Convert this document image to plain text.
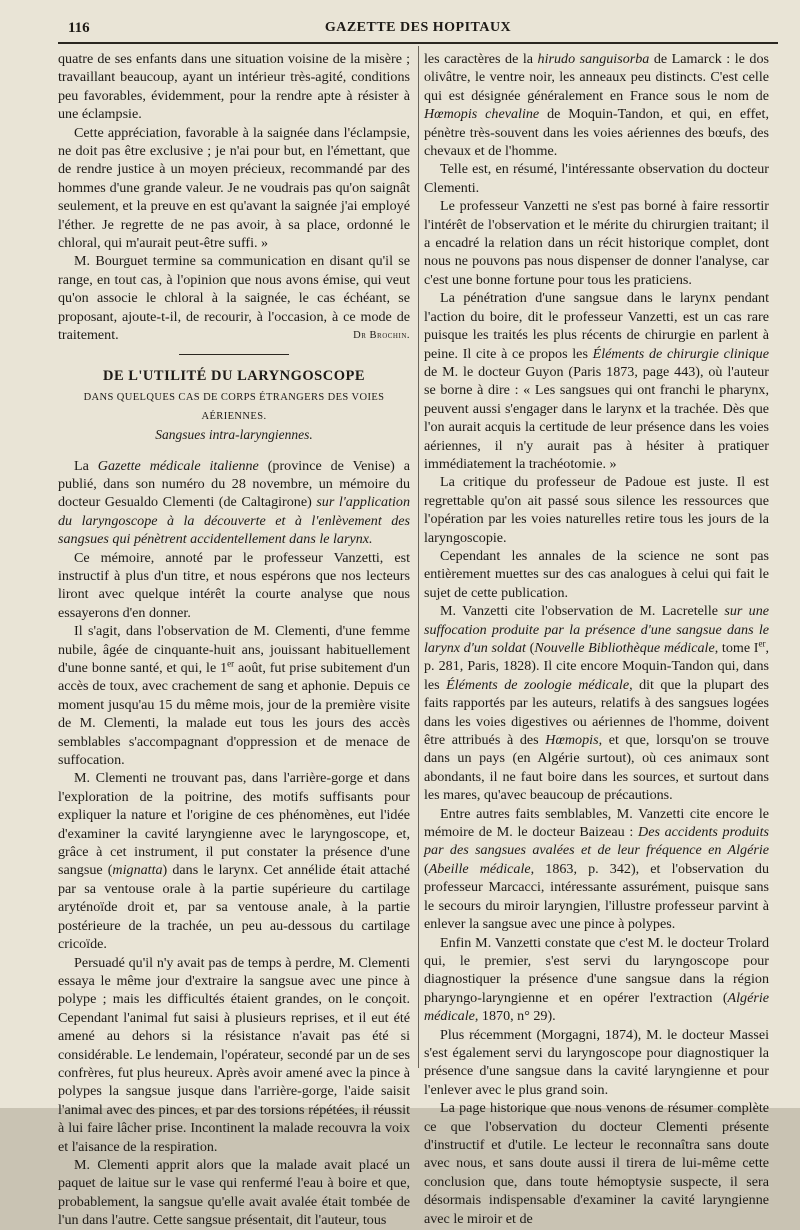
116	GAZETTE DES HOPITAUX

quatre de ses enfants dans une situation voisine de la misère ; travaillant beaucoup, ayant un intérieur très-agité, conditions peu favorables, évidemment, pour la rendre apte à résister à une éclampsie.

Cette appréciation, favorable à la saignée dans l'éclampsie, ne doit pas être exclusive ; je n'ai pour but, en l'émettant, que de rendre justice à un moyen précieux, recommandé par des hommes d'une grande valeur. Je ne voudrais pas qu'on saignât seulement, et la preuve en est qu'avant la saignée j'ai employé l'éther. Je regrette de ne pas avoir, à sa place, ordonné le chloral, qui m'aurait peut-être suffi. »

M. Bourguet termine sa communication en disant qu'il se range, en tout cas, à l'opinion que nous avons émise, qui veut qu'on associe le chloral à la saignée, le cas échéant, se proposant, ajoute-t-il, de recourir, à l'occasion, à ce mode de traitement.	Dr Brochin.
DE L'UTILITÉ DU LARYNGOSCOPE
DANS QUELQUES CAS DE CORPS ÉTRANGERS DES VOIES AÉRIENNES.
Sangsues intra-laryngiennes.

La Gazette médicale italienne (province de Venise) a publié, dans son numéro du 28 novembre, un mémoire du docteur Gesualdo Clementi (de Caltagirone) sur l'application du laryngoscope à la découverte et à l'enlèvement des sangsues qui pénètrent accidentellement dans le larynx.

Ce mémoire, annoté par le professeur Vanzetti, est instructif à plus d'un titre, et nous espérons que nos lecteurs liront avec quelque intérêt la courte analyse que nous essayerons d'en donner.

Il s'agit, dans l'observation de M. Clementi, d'une femme nubile, âgée de cinquante-huit ans, jouissant habituellement d'une bonne santé, et qui, le 1er août, fut prise subitement d'un accès de toux, avec crachement de sang et aphonie. Depuis ce moment jusqu'au 15 du même mois, jour de la première visite de M. Clementi, la malade eut tous les jours des accès semblables s'accompagnant d'oppression et de menace de suffocation.

M. Clementi ne trouvant pas, dans l'arrière-gorge et dans l'exploration de la poitrine, des motifs suffisants pour expliquer la nature et l'origine de ces phénomènes, eut l'idée d'examiner la cavité laryngienne avec le laryngoscope, et, grâce à cet instrument, il put constater la présence d'une sangsue (mignatta) dans le larynx. Cet annélide était attaché par sa ventouse orale à la partie supérieure du cartilage aryténoïde droit et, par sa ventouse anale, à la partie postérieure de la trachée, un peu au-dessous du cartilage cricoïde.

Persuadé qu'il n'y avait pas de temps à perdre, M. Clementi essaya le même jour d'extraire la sangsue avec une pince à polype ; mais les difficultés étaient grandes, on le conçoit. Cependant l'animal fut saisi à plusieurs reprises, et il eut été amené au dehors si la résistance n'avait pas été si considérable. Le lendemain, l'opérateur, secondé par un de ses confrères, fut plus heureux. Après avoir amené avec la pince à polypes la sangsue jusque dans l'arrière-gorge, l'aide saisit l'animal avec des pinces, et par des torsions répétées, il réussit à lui faire lâcher prise. Incontinent la malade recouvra la voix et l'aisance de la respiration.

M. Clementi apprit alors que la malade avait placé un paquet de laitue sur le vase qui renfermé l'eau à boire et que, probablement, la sangsue qu'elle avait avalée était tombée de l'un dans l'autre. Cette sangsue présentait, dit l'auteur, tous

les caractères de la hirudo sanguisorba de Lamarck : le dos olivâtre, le ventre noir, les anneaux peu distincts. C'est celle qui est désignée généralement en France sous le nom de Hœmopis chevaline de Moquin-Tandon, et qui, en effet, pénètre très-souvent dans les voies aériennes des bœufs, des chevaux et de l'homme.

Telle est, en résumé, l'intéressante observation du docteur Clementi.

Le professeur Vanzetti ne s'est pas borné à faire ressortir l'intérêt de l'observation et le mérite du chirurgien traitant; il a encadré la relation dans un récit historique complet, dont nous ne pouvons pas nous dispenser de donner l'analyse, car c'est une bonne fortune pour tous les praticiens.

La pénétration d'une sangsue dans le larynx pendant l'action du boire, dit le professeur Vanzetti, est un cas rare puisque les traités les plus récents de chirurgie en parlent à peine. Il cite à ce propos les Éléments de chirurgie clinique de M. le docteur Guyon (Paris 1873, page 443), où l'auteur se borne à dire : « Les sangsues qui ont franchi le pharynx, peuvent aussi s'engager dans le larynx et la trachée. Dès que l'on aurait acquis la certitude de leur présence dans les voies aériennes, il n'y aurait pas à hésiter à pratiquer immédiatement la trachéotomie. »

La critique du professeur de Padoue est juste. Il est regrettable qu'on ait passé sous silence les ressources que l'opération par les voies naturelles retire tous les jours de la laryngoscopie.

Cependant les annales de la science ne sont pas entièrement muettes sur des cas analogues à celui qui fait le sujet de cette publication.

M. Vanzetti cite l'observation de M. Lacretelle sur une suffocation produite par la présence d'une sangsue dans le larynx d'un soldat (Nouvelle Bibliothèque médicale, tome Ier, p. 281, Paris, 1828). Il cite encore Moquin-Tandon qui, dans les Éléments de zoologie médicale, dit que la plupart des faits rapportés par les auteurs, relatifs à des sangsues logées dans les voies digestives ou aériennes de l'homme, doivent être attribués à des Hœmopis, et que, lorsqu'on se trouve dans un pays (en Algérie surtout), où ces animaux sont abondants, il ne faut boire dans les sources, et surtout dans les mares, qu'avec beaucoup de précautions.

Entre autres faits semblables, M. Vanzetti cite encore le mémoire de M. le docteur Baizeau : Des accidents produits par des sangsues avalées et de leur fréquence en Algérie (Abeille médicale, 1863, p. 342), et l'observation du professeur Marcacci, intéressante assurément, puisque sans le secours du miroir laryngien, l'illustre professeur parvint à enlever la sangsue avec une pince à polypes.

Enfin M. Vanzetti constate que c'est M. le docteur Trolard qui, le premier, s'est servi du laryngoscope pour diagnostiquer la présence d'une sangsue dans la région pharyngo-laryngienne et en opérer l'extraction (Algérie médicale, 1870, n° 29).

Plus récemment (Morgagni, 1874), M. le docteur Massei s'est également servi du laryngoscope pour diagnostiquer la présence d'une sangsue dans la cavité laryngienne et pour l'enlever avec le plus grand soin.

La page historique que nous venons de résumer complète ce que l'observation du docteur Clementi présente d'instructif et d'utile. Le lecteur le reconnaîtra sans doute avec nous, et sans doute aussi il tirera de lui-même cette conclusion que, dans toute hémoptysie suspecte, il sera désormais indispensable d'examiner la cavité laryngienne avec le miroir et de
